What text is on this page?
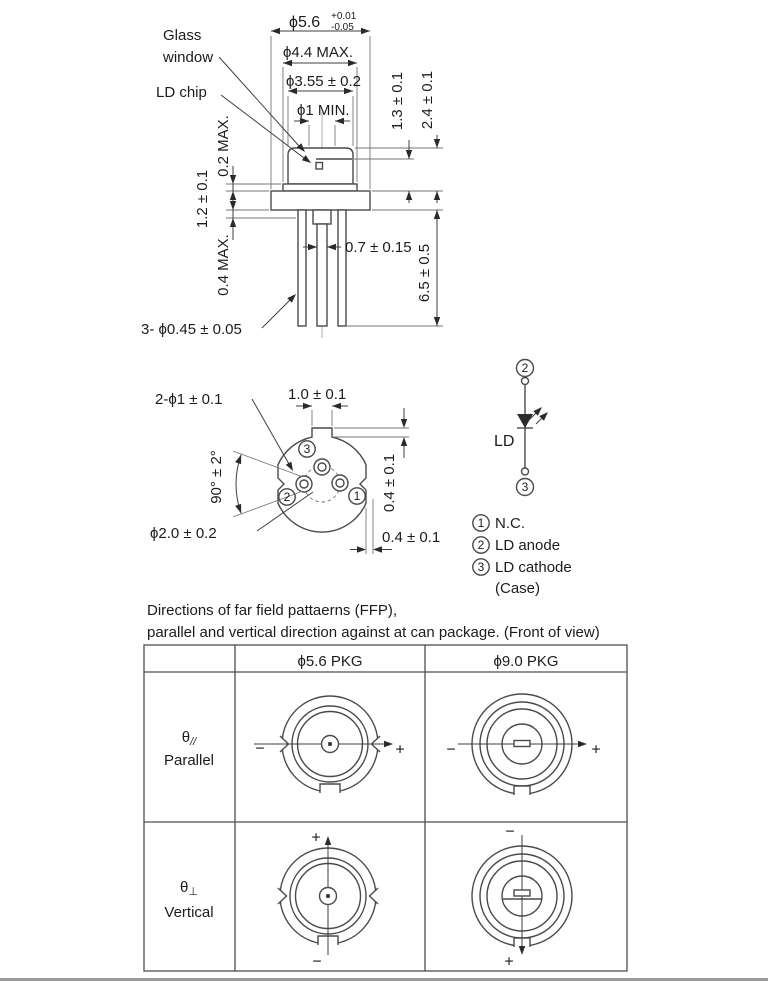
Glass
window
LD chip
ϕ5.6 +0.01
-0.05
ϕ4.4 MAX.
ϕ3.55 ± 0.2
ϕ1 MIN.	1.3 ± 0.1 2.4 ± 0.1
0.2 MAX.
1.2 ± 0.1
0.4 MAX.	0.7 ± 0.15 6.5 ± 0.5
3- ϕ0.45 ± 0.05
3
2	1
1.0 ± 0.1
2-ϕ1 ± 0.1
90° ± 2°
ϕ2.0 ± 0.2
0.4 ± 0.1
0.4 ± 0.1
2
3
LD
1 N.C.
2 LD anode
3 LD cathode
(Case)
Directions of far field pattaerns (FFP),
parallel and vertical direction against at can package. (Front of view)
ϕ5.6 PKG	ϕ9.0 PKG
$\theta_{//}$
Parallel
$\theta_\perp$
Vertical
−	+	−	+
+
−
−
+
